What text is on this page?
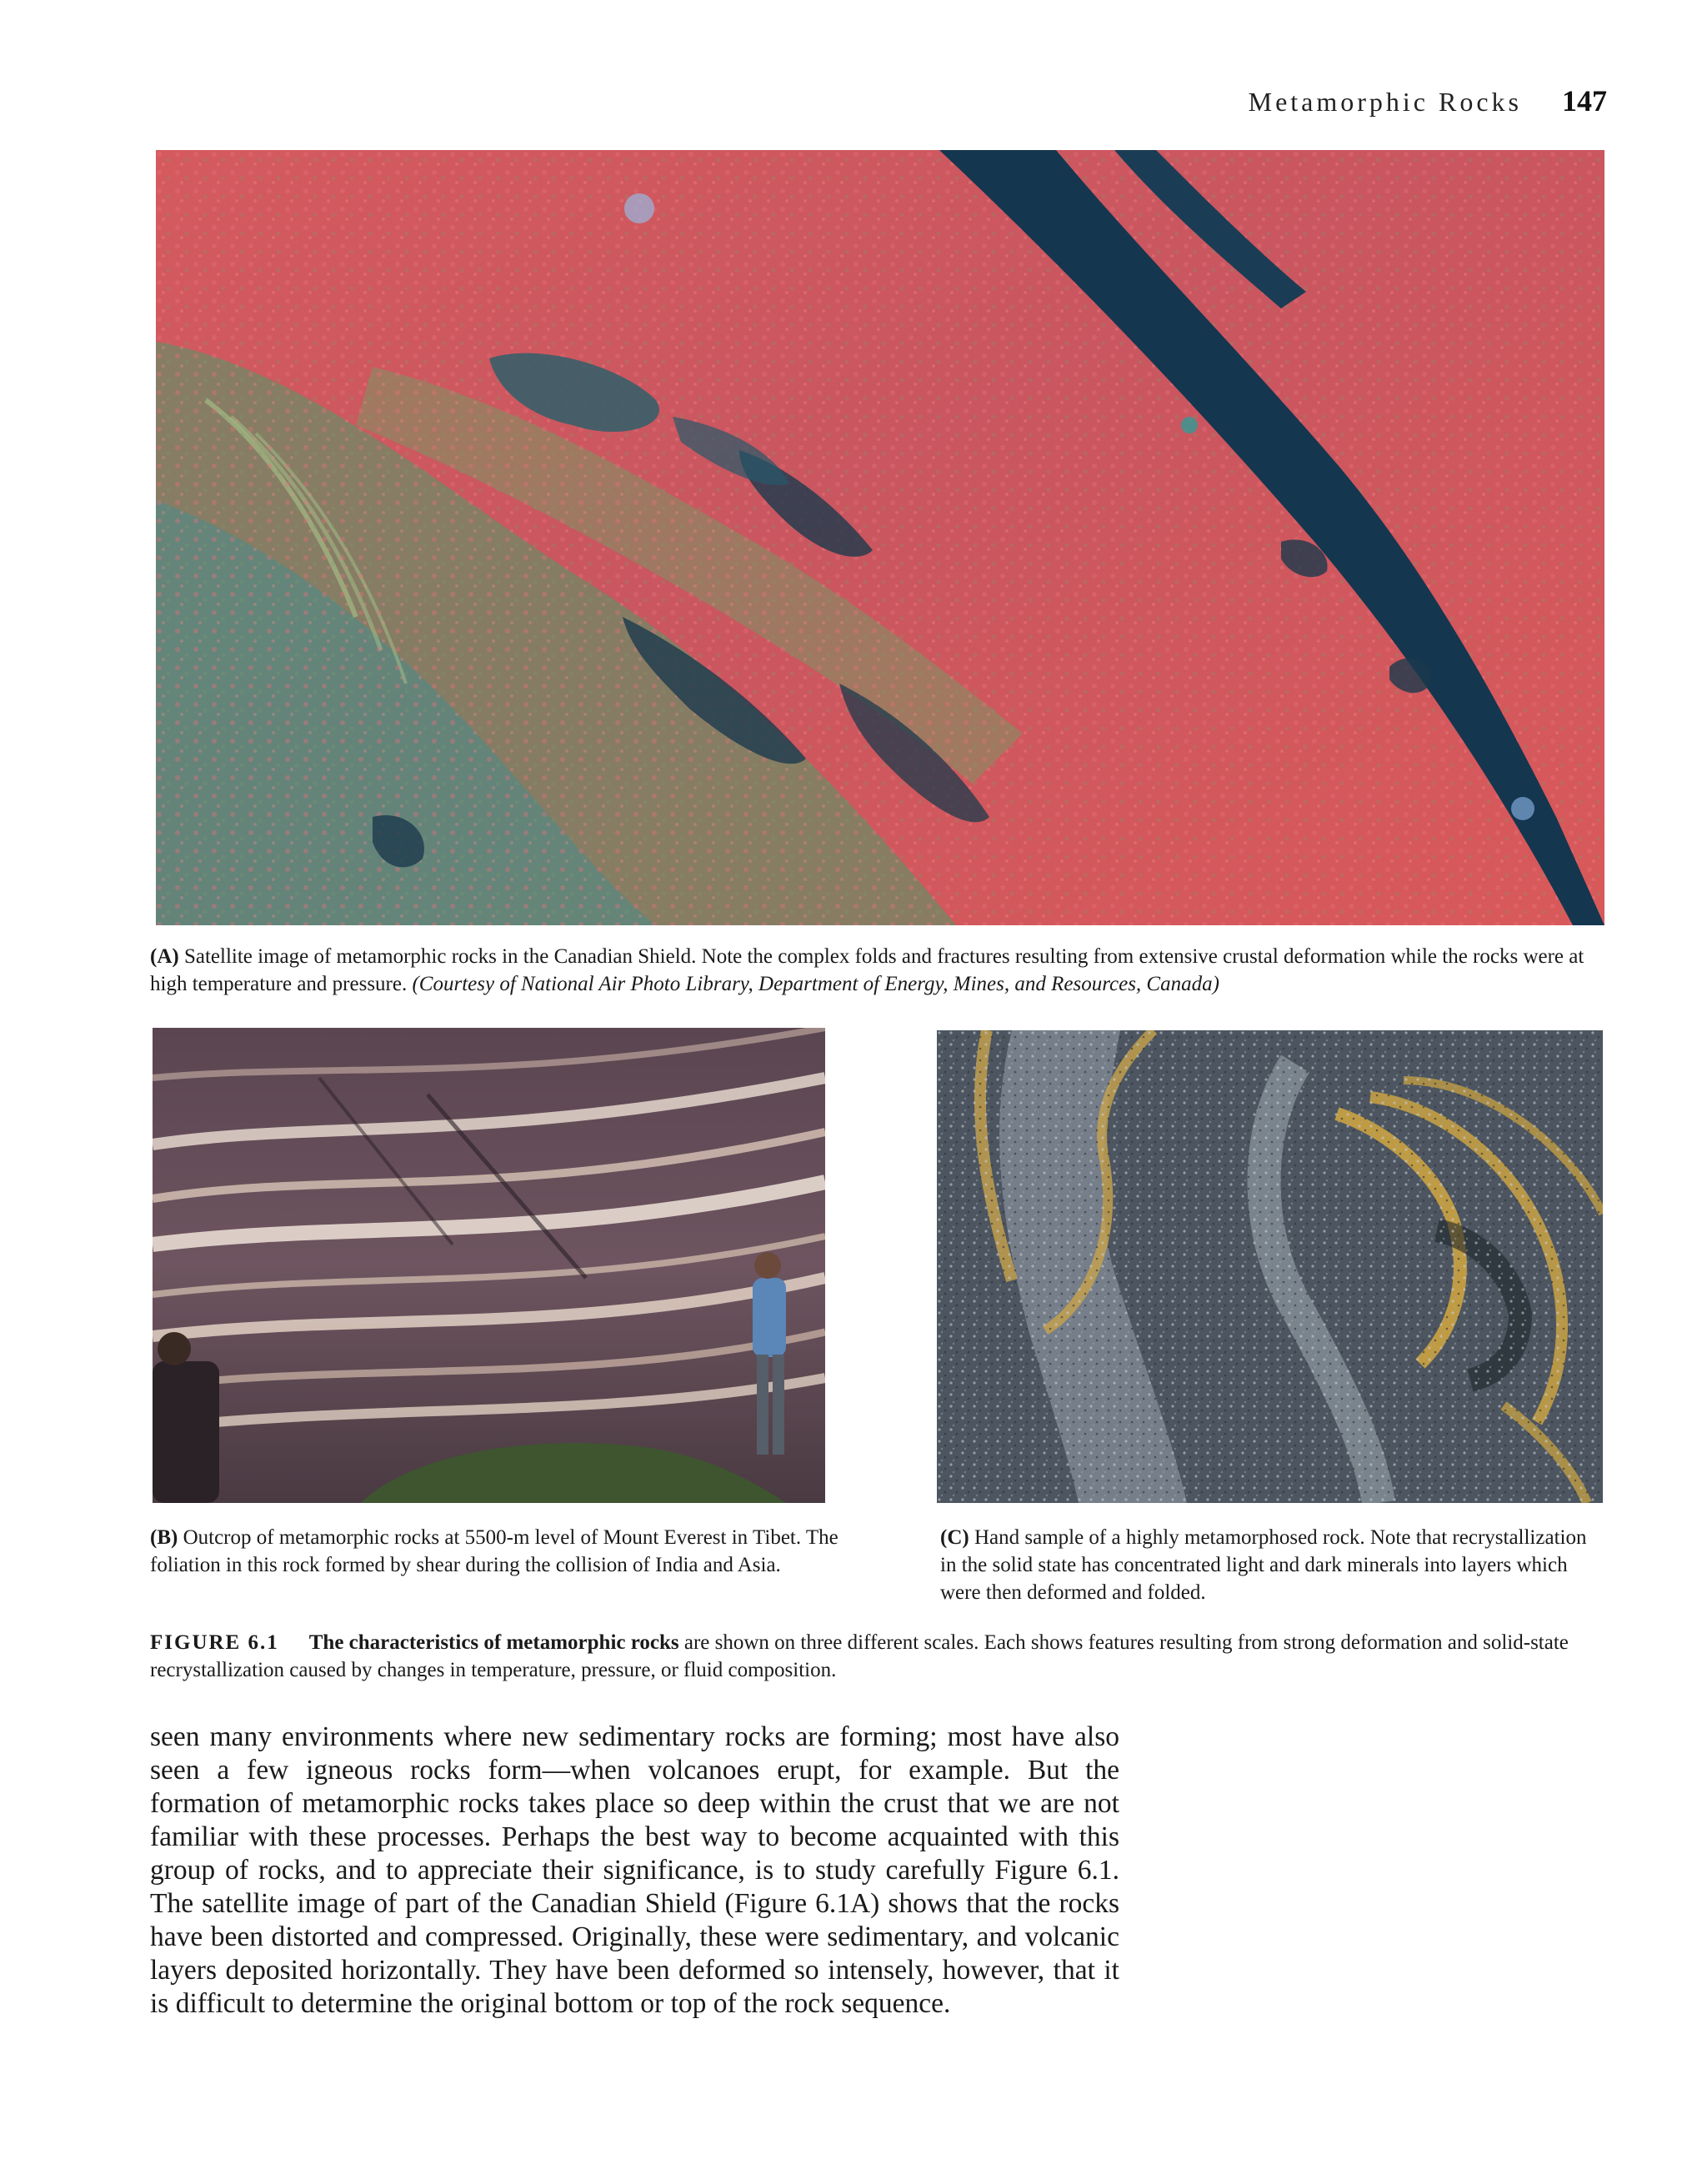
Metamorphic Rocks 147
(A) Satellite image of metamorphic rocks in the Canadian Shield. Note the complex folds and fractures resulting from extensive crustal deformation while the rocks were at high temperature and pressure. (Courtesy of National Air Photo Library, Department of Energy, Mines, and Resources, Canada)
(B) Outcrop of metamorphic rocks at 5500-m level of Mount Everest in Tibet. The foliation in this rock formed by shear during the collision of India and Asia.
(C) Hand sample of a highly metamorphosed rock. Note that recrystallization in the solid state has concentrated light and dark minerals into layers which were then deformed and folded.
FIGURE 6.1 The characteristics of metamorphic rocks are shown on three different scales. Each shows features resulting from strong deformation and solid-state recrystallization caused by changes in temperature, pressure, or fluid composition.
seen many environments where new sedimentary rocks are forming; most have also seen a few igneous rocks form—when volcanoes erupt, for example. But the formation of metamorphic rocks takes place so deep within the crust that we are not familiar with these processes. Perhaps the best way to become acquainted with this group of rocks, and to appreciate their significance, is to study carefully Figure 6.1. The satellite image of part of the Canadian Shield (Figure 6.1A) shows that the rocks have been distorted and compressed. Originally, these were sedimentary, and volcanic layers deposited horizontally. They have been deformed so intensely, however, that it is difficult to determine the original bottom or top of the rock sequence.
